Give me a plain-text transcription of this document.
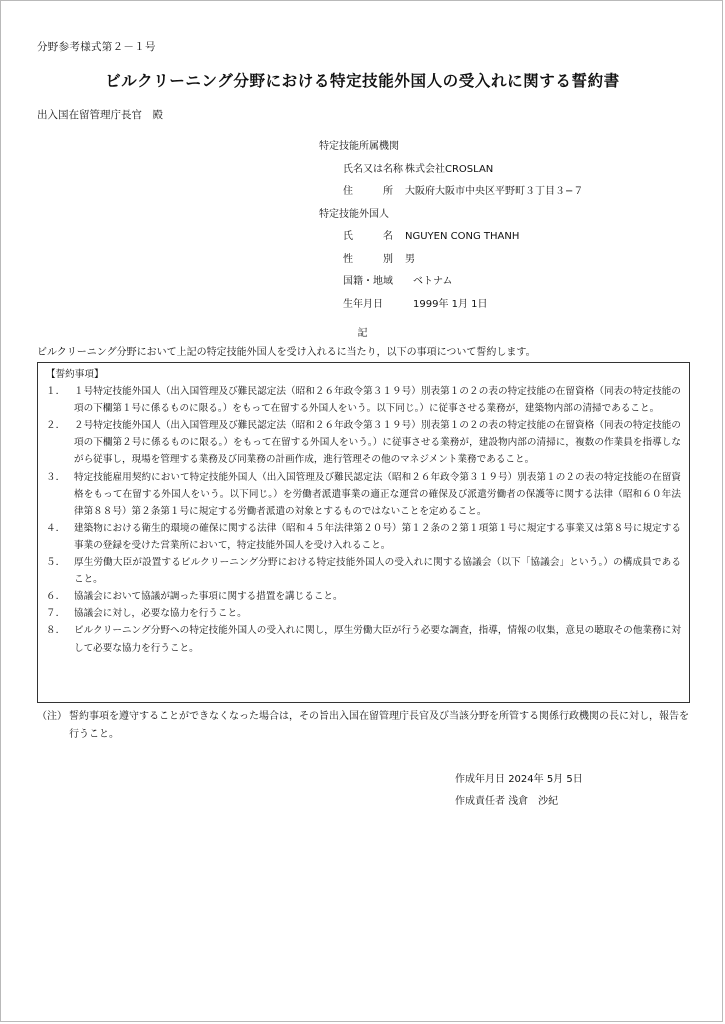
分野参考様式第２－１号
ビルクリーニング分野における特定技能外国人の受入れに関する誓約書
出入国在留管理庁長官　殿
特定技能所属機関
氏名又は名称 株式会社CROSLAN
住　　　所	大阪府大阪市中央区平野町３丁目３−７
特定技能外国人
氏　　　名	NGUYEN CONG THANH
性　　　別	男
国籍・地域	ベトナム
生年月日	1999年 1月 1日
記
ビルクリーニング分野において上記の特定技能外国人を受け入れるに当たり，以下の事項について誓約します。
【誓約事項】
１． １号特定技能外国人（出入国管理及び難民認定法（昭和２６年政令第３１９号）別表第１の２の表の特定技能の在留資格（同表の特定技能の項の下欄第１号に係るものに限る。）をもって在留する外国人をいう。以下同じ。）に従事させる業務が，建築物内部の清掃であること。
２． ２号特定技能外国人（出入国管理及び難民認定法（昭和２６年政令第３１９号）別表第１の２の表の特定技能の在留資格（同表の特定技能の項の下欄第２号に係るものに限る。）をもって在留する外国人をいう。）に従事させる業務が，建設物内部の清掃に，複数の作業員を指導しながら従事し，現場を管理する業務及び同業務の計画作成，進行管理その他のマネジメント業務であること。
３． 特定技能雇用契約において特定技能外国人（出入国管理及び難民認定法（昭和２６年政令第３１９号）別表第１の２の表の特定技能の在留資格をもって在留する外国人をいう。以下同じ。）を労働者派遣事業の適正な運営の確保及び派遣労働者の保護等に関する法律（昭和６０年法律第８８号）第２条第１号に規定する労働者派遣の対象とするものではないことを定めること。
４． 建築物における衛生的環境の確保に関する法律（昭和４５年法律第２０号）第１２条の２第１項第１号に規定する事業又は第８号に規定する事業の登録を受けた営業所において，特定技能外国人を受け入れること。
５． 厚生労働大臣が設置するビルクリーニング分野における特定技能外国人の受入れに関する協議会（以下「協議会」という。）の構成員であること。
６． 協議会において協議が調った事項に関する措置を講じること。
７． 協議会に対し，必要な協力を行うこと。
８． ビルクリーニング分野への特定技能外国人の受入れに関し，厚生労働大臣が行う必要な調査，指導，情報の収集，意見の聴取その他業務に対して必要な協力を行うこと。
（注） 誓約事項を遵守することができなくなった場合は，その旨出入国在留管理庁長官及び当該分野を所管する関係行政機関の長に対し，報告を行うこと。
作成年月日 2024年 5月 5日
作成責任者 浅倉　沙紀
